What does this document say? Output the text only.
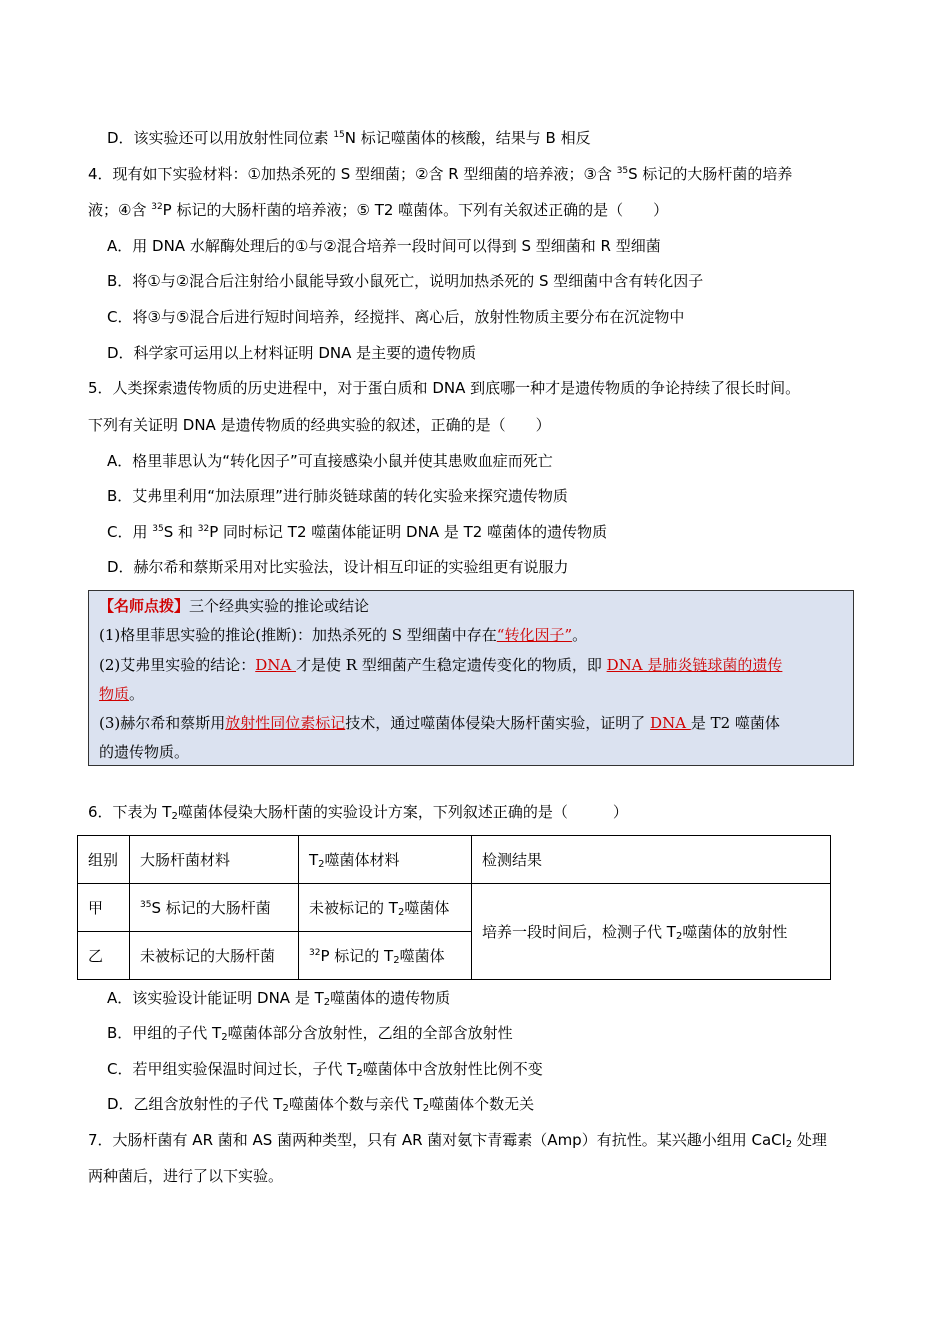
D．该实验还可以用放射性同位素 $^{15}$N 标记噬菌体的核酸，结果与 B 相反
4．现有如下实验材料：①加热杀死的 S 型细菌；②含 R 型细菌的培养液；③含 $^{35}$S 标记的大肠杆菌的培养
液；④含 $^{32}$P 标记的大肠杆菌的培养液；⑤ T2 噬菌体。下列有关叙述正确的是（　　）
A．用 DNA 水解酶处理后的①与②混合培养一段时间可以得到 S 型细菌和 R 型细菌
B．将①与②混合后注射给小鼠能导致小鼠死亡，说明加热杀死的 S 型细菌中含有转化因子
C．将③与⑤混合后进行短时间培养，经搅拌、离心后，放射性物质主要分布在沉淀物中
D．科学家可运用以上材料证明 DNA 是主要的遗传物质
5．人类探索遗传物质的历史进程中，对于蛋白质和 DNA 到底哪一种才是遗传物质的争论持续了很长时间。
下列有关证明 DNA 是遗传物质的经典实验的叙述，正确的是（　　）
A．格里菲思认为“转化因子”可直接感染小鼠并使其患败血症而死亡
B．艾弗里利用“加法原理”进行肺炎链球菌的转化实验来探究遗传物质
C．用 $^{35}$S 和 $^{32}$P 同时标记 T2 噬菌体能证明 DNA 是 T2 噬菌体的遗传物质
D．赫尔希和蔡斯采用对比实验法，设计相互印证的实验组更有说服力
【名师点拨】三个经典实验的推论或结论
(1)格里菲思实验的推论(推断)：加热杀死的 S 型细菌中存在“转化因子”。
(2)艾弗里实验的结论：DNA 才是使 R 型细菌产生稳定遗传变化的物质，即 DNA 是肺炎链球菌的遗传
物质。
(3)赫尔希和蔡斯用放射性同位素标记技术，通过噬菌体侵染大肠杆菌实验，证明了 DNA 是 T2 噬菌体
的遗传物质。
6．下表为 $T_2$噬菌体侵染大肠杆菌的实验设计方案，下列叙述正确的是（　　　）
组别	大肠杆菌材料	$T_2$噬菌体材料	检测结果
甲	$^{35}$S 标记的大肠杆菌	未被标记的 $T_2$噬菌体	培养一段时间后，检测子代 $T_2$噬菌体的放射性
乙	未被标记的大肠杆菌	$^{32}$P 标记的 $T_2$噬菌体	
A．该实验设计能证明 DNA 是 $T_2$噬菌体的遗传物质
B．甲组的子代 $T_2$噬菌体部分含放射性，乙组的全部含放射性
C．若甲组实验保温时间过长，子代 $T_2$噬菌体中含放射性比例不变
D．乙组含放射性的子代 $T_2$噬菌体个数与亲代 $T_2$噬菌体个数无关
7．大肠杆菌有 AR 菌和 AS 菌两种类型，只有 AR 菌对氨卞青霉素（Amp）有抗性。某兴趣小组用 CaCl$_2$ 处理
两种菌后，进行了以下实验。
